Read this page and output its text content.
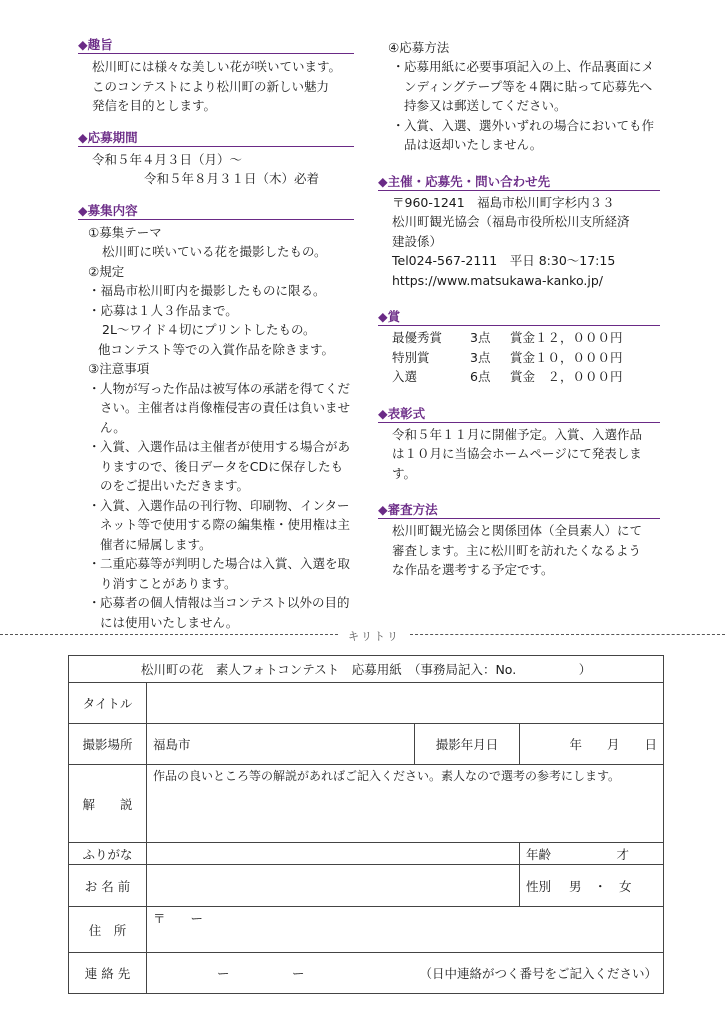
◆趣旨
松川町には様々な美しい花が咲いています。
このコンテストにより松川町の新しい魅力
発信を目的とします。
◆応募期間
令和５年４月３日（月）～
令和５年８月３１日（木）必着
◆募集内容
①募集テーマ
松川町に咲いている花を撮影したもの。
②規定
・福島市松川町内を撮影したものに限る。
・応募は１人３作品まで。
2L～ワイド４切にプリントしたもの。
他コンテスト等での入賞作品を除きます。
③注意事項
・ 人物が写った作品は被写体の承諾を得てください。主催者は肖像権侵害の責任は負いません。
・ 入賞、入選作品は主催者が使用する場合がありますので、後日データをCDに保存したものをご提出いただきます。
・ 入賞、入選作品の刊行物、印刷物、インターネット等で使用する際の編集権・使用権は主催者に帰属します。
・ 二重応募等が判明した場合は入賞、入選を取り消すことがあります。
・ 応募者の個人情報は当コンテスト以外の目的には使用いたしません。
④応募方法
・ 応募用紙に必要事項記入の上、作品裏面にメンディングテープ等を４隅に貼って応募先へ持参又は郵送してください。
・ 入賞、入選、選外いずれの場合においても作品は返却いたしません。
◆主催・応募先・問い合わせ先
〒960-1241　福島市松川町字杉内３３
松川町観光協会（福島市役所松川支所経済
建設係）
Tel024-567-2111　平日 8:30～17:15
https://www.matsukawa-kanko.jp/
◆賞
最優秀賞	3点	賞金１２，０００円
特別賞	3点	賞金１０，０００円
入選	6点	賞金　２，０００円
◆表彰式
令和５年１１月に開催予定。入賞、入選作品
は１０月に当協会ホームページにて発表しま
す。
◆審査方法
松川町観光協会と関係団体（全員素人）にて
審査します。主に松川町を訪れたくなるよう
な作品を選考する予定です。
キリトリ
松川町の花　素人フォトコンテスト　応募用紙　（事務局記入：No.　　　　　）			
タイトル			
撮影場所	福島市	撮影年月日	年　　月　　日
解　　説	作品の良いところ等の解説があればご記入ください。素人なので選考の参考にします。		
ふりがな			年齢 才

お 名 前			性別 男　・　女
住　所	〒　　ー		
連 絡 先	ー　　　　　ー （日中連絡がつく番号をご記入ください）		
